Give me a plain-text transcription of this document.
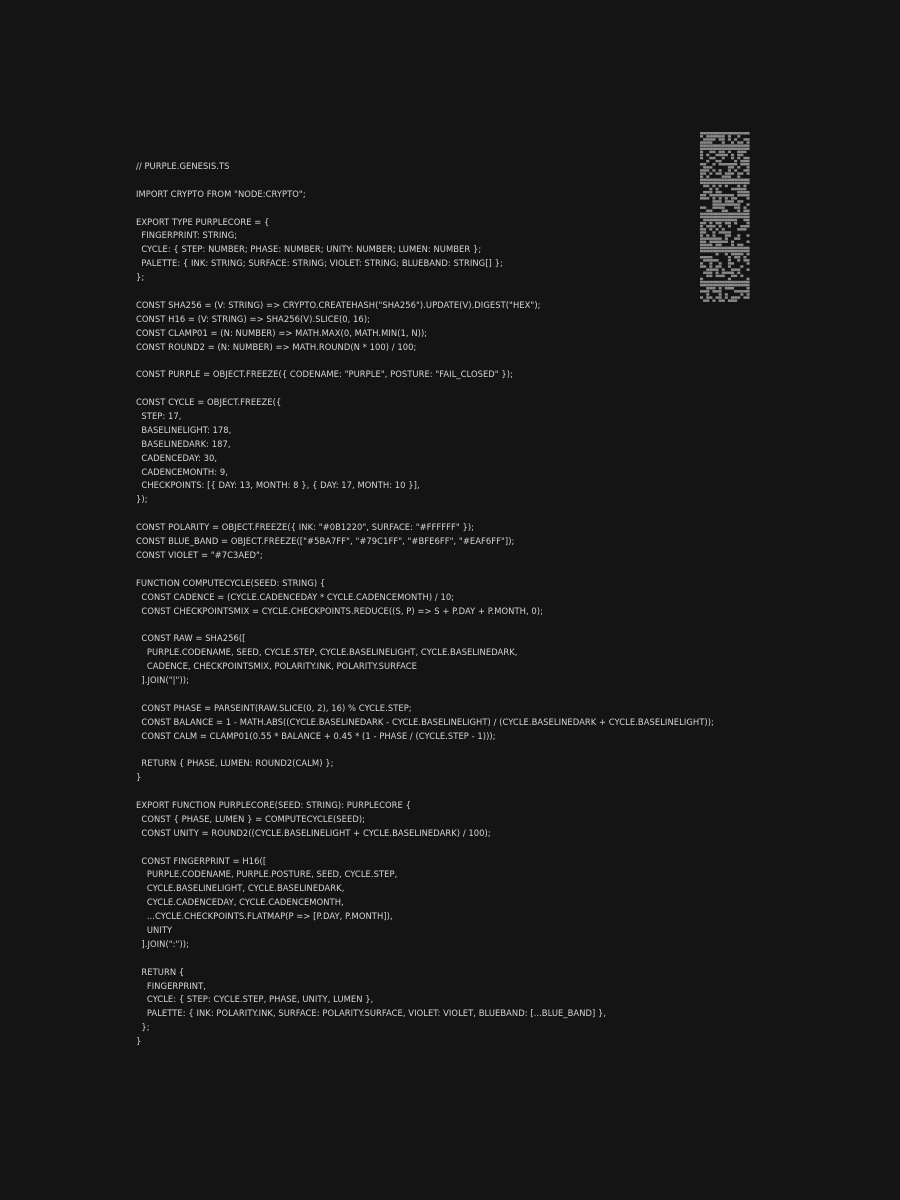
// PURPLE.GENESIS.TS
IMPORT CRYPTO FROM "NODE:CRYPTO";
EXPORT TYPE PURPLECORE = {
FINGERPRINT: STRING;
CYCLE: { STEP: NUMBER; PHASE: NUMBER; UNITY: NUMBER; LUMEN: NUMBER };
PALETTE: { INK: STRING; SURFACE: STRING; VIOLET: STRING; BLUEBAND: STRING[] };
};
CONST SHA256 = (V: STRING) => CRYPTO.CREATEHASH("SHA256").UPDATE(V).DIGEST("HEX");
CONST H16 = (V: STRING) => SHA256(V).SLICE(0, 16);
CONST CLAMP01 = (N: NUMBER) => MATH.MAX(0, MATH.MIN(1, N));
CONST ROUND2 = (N: NUMBER) => MATH.ROUND(N * 100) / 100;
CONST PURPLE = OBJECT.FREEZE({ CODENAME: "PURPLE", POSTURE: "FAIL_CLOSED" });
CONST CYCLE = OBJECT.FREEZE({
STEP: 17,
BASELINELIGHT: 178,
BASELINEDARK: 187,
CADENCEDAY: 30,
CADENCEMONTH: 9,
CHECKPOINTS: [{ DAY: 13, MONTH: 8 }, { DAY: 17, MONTH: 10 }],
});
CONST POLARITY = OBJECT.FREEZE({ INK: "#0B1220", SURFACE: "#FFFFFF" });
CONST BLUE_BAND = OBJECT.FREEZE(["#5BA7FF", "#79C1FF", "#BFE6FF", "#EAF6FF"]);
CONST VIOLET = "#7C3AED";
FUNCTION COMPUTECYCLE(SEED: STRING) {
CONST CADENCE = (CYCLE.CADENCEDAY * CYCLE.CADENCEMONTH) / 10;
CONST CHECKPOINTSMIX = CYCLE.CHECKPOINTS.REDUCE((S, P) => S + P.DAY + P.MONTH, 0);
CONST RAW = SHA256([
PURPLE.CODENAME, SEED, CYCLE.STEP, CYCLE.BASELINELIGHT, CYCLE.BASELINEDARK,
CADENCE, CHECKPOINTSMIX, POLARITY.INK, POLARITY.SURFACE
].JOIN("|"));
CONST PHASE = PARSEINT(RAW.SLICE(0, 2), 16) % CYCLE.STEP;
CONST BALANCE = 1 - MATH.ABS((CYCLE.BASELINEDARK - CYCLE.BASELINELIGHT) / (CYCLE.BASELINEDARK + CYCLE.BASELINELIGHT));
CONST CALM = CLAMP01(0.55 * BALANCE + 0.45 * (1 - PHASE / (CYCLE.STEP - 1)));
RETURN { PHASE, LUMEN: ROUND2(CALM) };
}
EXPORT FUNCTION PURPLECORE(SEED: STRING): PURPLECORE {
CONST { PHASE, LUMEN } = COMPUTECYCLE(SEED);
CONST UNITY = ROUND2((CYCLE.BASELINELIGHT + CYCLE.BASELINEDARK) / 100);
CONST FINGERPRINT = H16([
PURPLE.CODENAME, PURPLE.POSTURE, SEED, CYCLE.STEP,
CYCLE.BASELINELIGHT, CYCLE.BASELINEDARK,
CYCLE.CADENCEDAY, CYCLE.CADENCEMONTH,
...CYCLE.CHECKPOINTS.FLATMAP(P => [P.DAY, P.MONTH]),
UNITY
].JOIN(":"));
RETURN {
FINGERPRINT,
CYCLE: { STEP: CYCLE.STEP, PHASE, UNITY, LUMEN },
PALETTE: { INK: POLARITY.INK, SURFACE: POLARITY.SURFACE, VIOLET: VIOLET, BLUEBAND: [...BLUE_BAND] },
};
}
